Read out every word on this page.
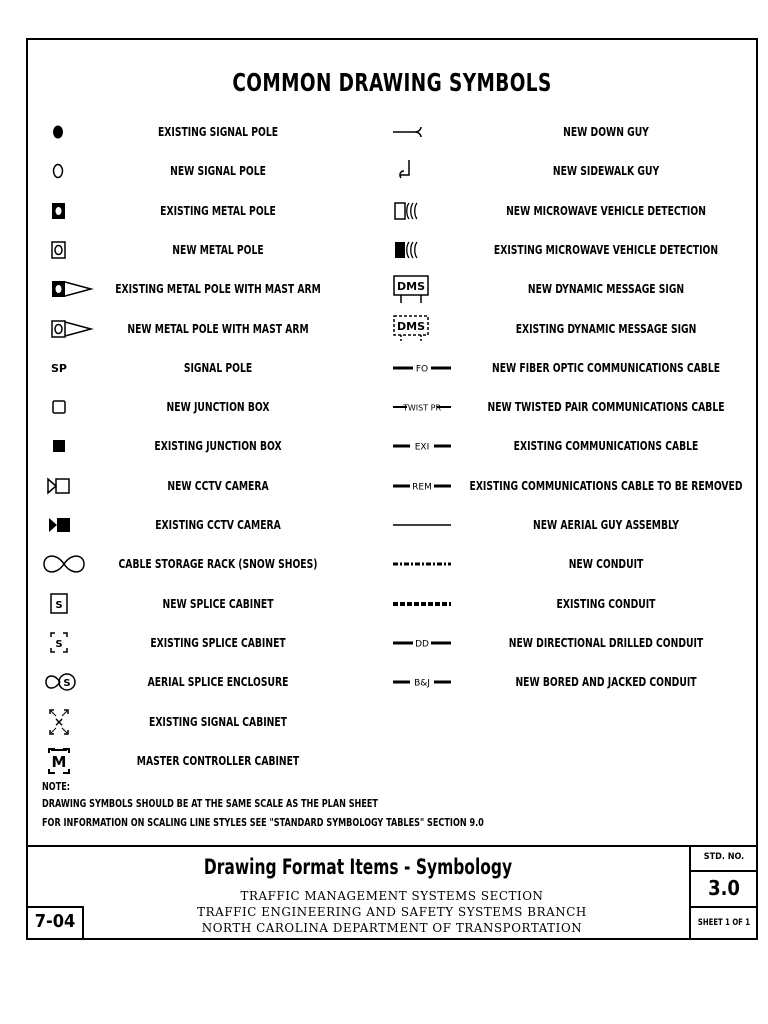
COMMON DRAWING SYMBOLS
EXISTING SIGNAL POLE
NEW SIGNAL POLE
EXISTING METAL POLE
NEW METAL POLE
EXISTING METAL POLE WITH MAST ARM
NEW METAL POLE WITH MAST ARM
SP	SIGNAL POLE
NEW JUNCTION BOX
EXISTING JUNCTION BOX
NEW CCTV CAMERA
EXISTING CCTV CAMERA
CABLE STORAGE RACK (SNOW SHOES)
S	NEW SPLICE CABINET
S	EXISTING SPLICE CABINET
S	AERIAL SPLICE ENCLOSURE
×	EXISTING SIGNAL CABINET
M	MASTER CONTROLLER CABINET
NEW DOWN GUY
NEW SIDEWALK GUY
NEW MICROWAVE VEHICLE DETECTION
EXISTING MICROWAVE VEHICLE DETECTION
DMS	NEW DYNAMIC MESSAGE SIGN
DMS	EXISTING DYNAMIC MESSAGE SIGN
FO	NEW FIBER OPTIC COMMUNICATIONS CABLE
TWIST PR	NEW TWISTED PAIR COMMUNICATIONS CABLE
EXI	EXISTING COMMUNICATIONS CABLE
REM	EXISTING COMMUNICATIONS CABLE TO BE REMOVED
NEW AERIAL GUY ASSEMBLY
NEW CONDUIT
EXISTING CONDUIT
DD	NEW DIRECTIONAL DRILLED CONDUIT
B&J	NEW BORED AND JACKED CONDUIT
NOTE:
DRAWING SYMBOLS SHOULD BE AT THE SAME SCALE AS THE PLAN SHEET
FOR INFORMATION ON SCALING LINE STYLES SEE "STANDARD SYMBOLOGY TABLES" SECTION 9.0
Drawing Format Items - Symbology
TRAFFIC MANAGEMENT SYSTEMS SECTION
TRAFFIC ENGINEERING AND SAFETY SYSTEMS BRANCH
NORTH CAROLINA DEPARTMENT OF TRANSPORTATION
7-04
STD. NO.
3.0
SHEET 1 OF 1
